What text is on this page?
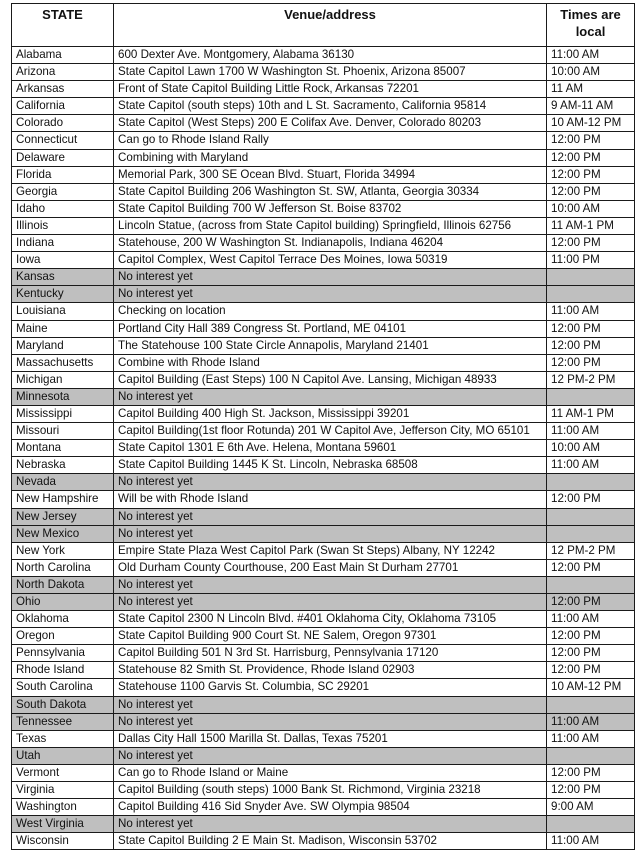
STATE	Venue/address	Times are local
Alabama	600 Dexter Ave. Montgomery, Alabama 36130	11:00 AM
Arizona	State Capitol Lawn 1700 W Washington St. Phoenix, Arizona 85007	10:00 AM
Arkansas	Front of State Capitol Building Little Rock, Arkansas 72201	11 AM
California	State Capitol (south steps) 10th and L St. Sacramento, California 95814	9 AM-11 AM
Colorado	State Capitol (West Steps) 200 E Colifax Ave. Denver, Colorado 80203	10 AM-12 PM
Connecticut	Can go to Rhode Island Rally	12:00 PM
Delaware	Combining with Maryland	12:00 PM
Florida	Memorial Park, 300 SE Ocean Blvd. Stuart, Florida 34994	12:00 PM
Georgia	State Capitol Building 206 Washington St. SW, Atlanta, Georgia 30334	12:00 PM
Idaho	State Capitol Building 700 W Jefferson St. Boise 83702	10:00 AM
Illinois	Lincoln Statue, (across from State Capitol building) Springfield, Illinois 62756	11 AM-1 PM
Indiana	Statehouse, 200 W Washington St. Indianapolis, Indiana 46204	12:00 PM
Iowa	Capitol Complex, West Capitol Terrace Des Moines, Iowa 50319	11:00 PM
Kansas	No interest yet	
Kentucky	No interest yet	
Louisiana	Checking on location	11:00 AM
Maine	Portland City Hall 389 Congress St. Portland, ME 04101	12:00 PM
Maryland	The Statehouse 100 State Circle Annapolis, Maryland 21401	12:00 PM
Massachusetts	Combine with Rhode Island	12:00 PM
Michigan	Capitol Building (East Steps) 100 N Capitol Ave. Lansing, Michigan 48933	12 PM-2 PM
Minnesota	No interest yet	
Mississippi	Capitol Building 400 High St. Jackson, Mississippi 39201	11 AM-1 PM
Missouri	Capitol Building(1st floor Rotunda) 201 W Capitol Ave, Jefferson City, MO 65101	11:00 AM
Montana	State Capitol 1301 E 6th Ave. Helena, Montana 59601	10:00 AM
Nebraska	State Capitol Building 1445 K St. Lincoln, Nebraska 68508	11:00 AM
Nevada	No interest yet	
New Hampshire	Will be with Rhode Island	12:00 PM
New Jersey	No interest yet	
New Mexico	No interest yet	
New York	Empire State Plaza West Capitol Park (Swan St Steps) Albany, NY 12242	12 PM-2 PM
North Carolina	Old Durham County Courthouse, 200 East Main St Durham 27701	12:00 PM
North Dakota	No interest yet	
Ohio	No interest yet	12:00 PM
Oklahoma	State Capitol 2300 N Lincoln Blvd. #401 Oklahoma City, Oklahoma 73105	11:00 AM
Oregon	State Capitol Building 900 Court St. NE Salem, Oregon 97301	12:00 PM
Pennsylvania	Capitol Building 501 N 3rd St. Harrisburg, Pennsylvania 17120	12:00 PM
Rhode Island	Statehouse 82 Smith St. Providence, Rhode Island 02903	12:00 PM
South Carolina	Statehouse 1100 Garvis St. Columbia, SC 29201	10 AM-12 PM
South Dakota	No interest yet	
Tennessee	No interest yet	11:00 AM
Texas	Dallas City Hall 1500 Marilla St. Dallas, Texas 75201	11:00 AM
Utah	No interest yet	
Vermont	Can go to Rhode Island or Maine	12:00 PM
Virginia	Capitol Building (south steps) 1000 Bank St. Richmond, Virginia 23218	12:00 PM
Washington	Capitol Building 416 Sid Snyder Ave. SW Olympia 98504	9:00 AM
West Virginia	No interest yet	
Wisconsin	State Capitol Building 2 E Main St. Madison, Wisconsin 53702	11:00 AM
